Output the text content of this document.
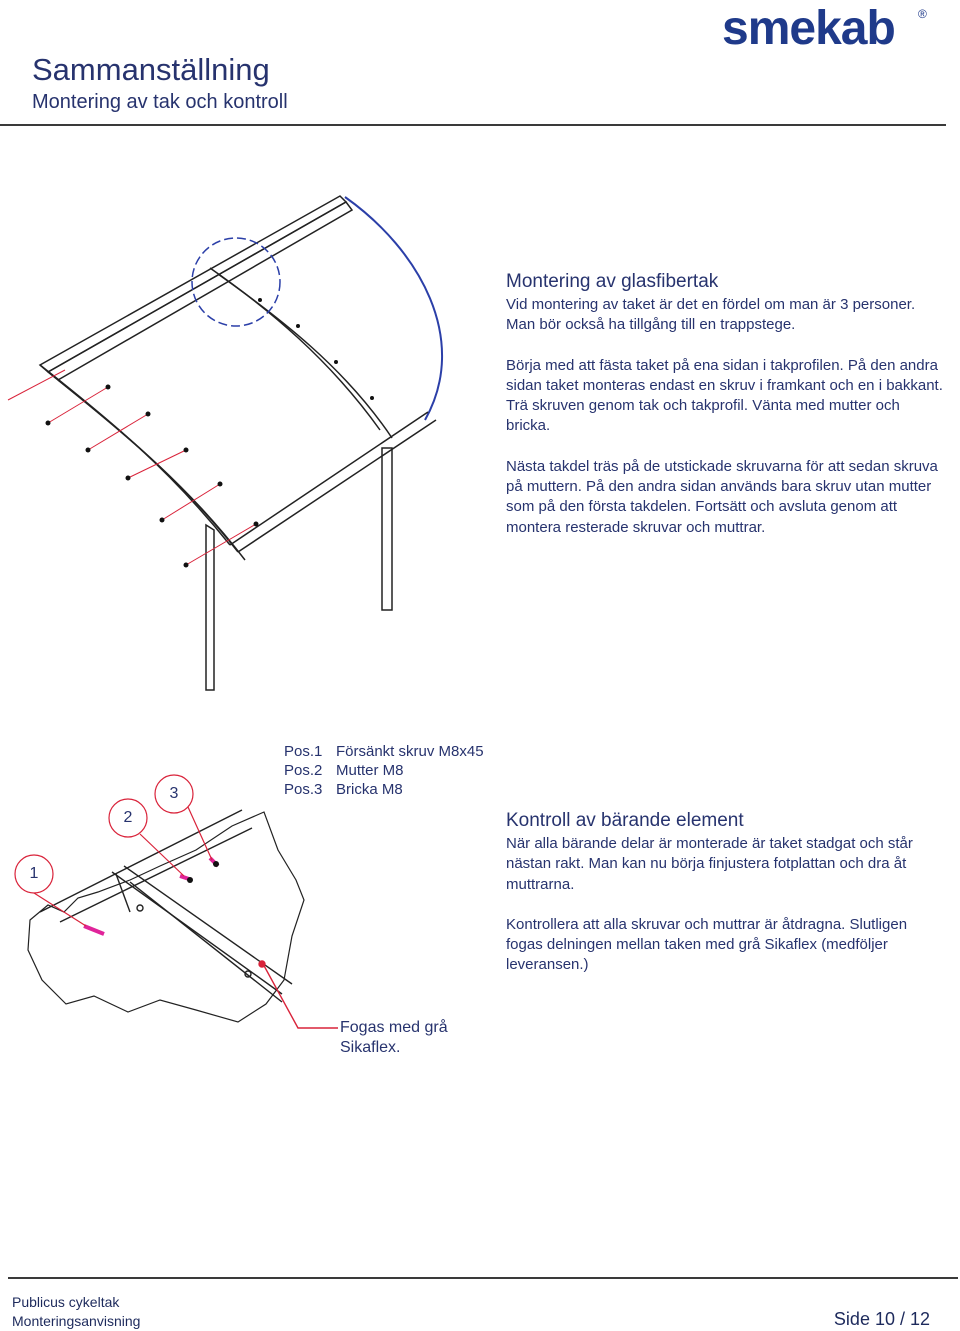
smekab ®
Sammanställning
Montering av tak och kontroll
1
2
3
Montering av glasfibertak

Vid montering av taket är det en fördel om man är 3 personer. Man bör också ha tillgång till en trappstege.

Börja med att fästa taket på ena sidan i takprofilen. På den andra sidan taket monteras endast en skruv i framkant och en i bakkant. Trä skruven genom tak och takprofil. Vänta med mutter och bricka.

Nästa takdel träs på de utstickade skruvarna för att sedan skruva på muttern. På den andra sidan används bara skruv utan mutter som på den första takdelen. Fortsätt och avsluta genom att montera resterade skruvar och muttrar.

Pos.1 Försänkt skruv M8x45
Pos.2 Mutter M8
Pos.3 Bricka M8
Kontroll av bärande element

När alla bärande delar är monterade är taket stadgat och står nästan rakt. Man kan nu börja finjustera fotplattan och dra åt muttrarna.

Kontrollera att alla skruvar och muttrar är åtdragna. Slutligen fogas delningen mellan taken med grå Sikaflex (medföljer leveransen.)

Fogas med grå
Sikaflex.
Publicus cykeltak
Monteringsanvisning	Side 10 / 12
